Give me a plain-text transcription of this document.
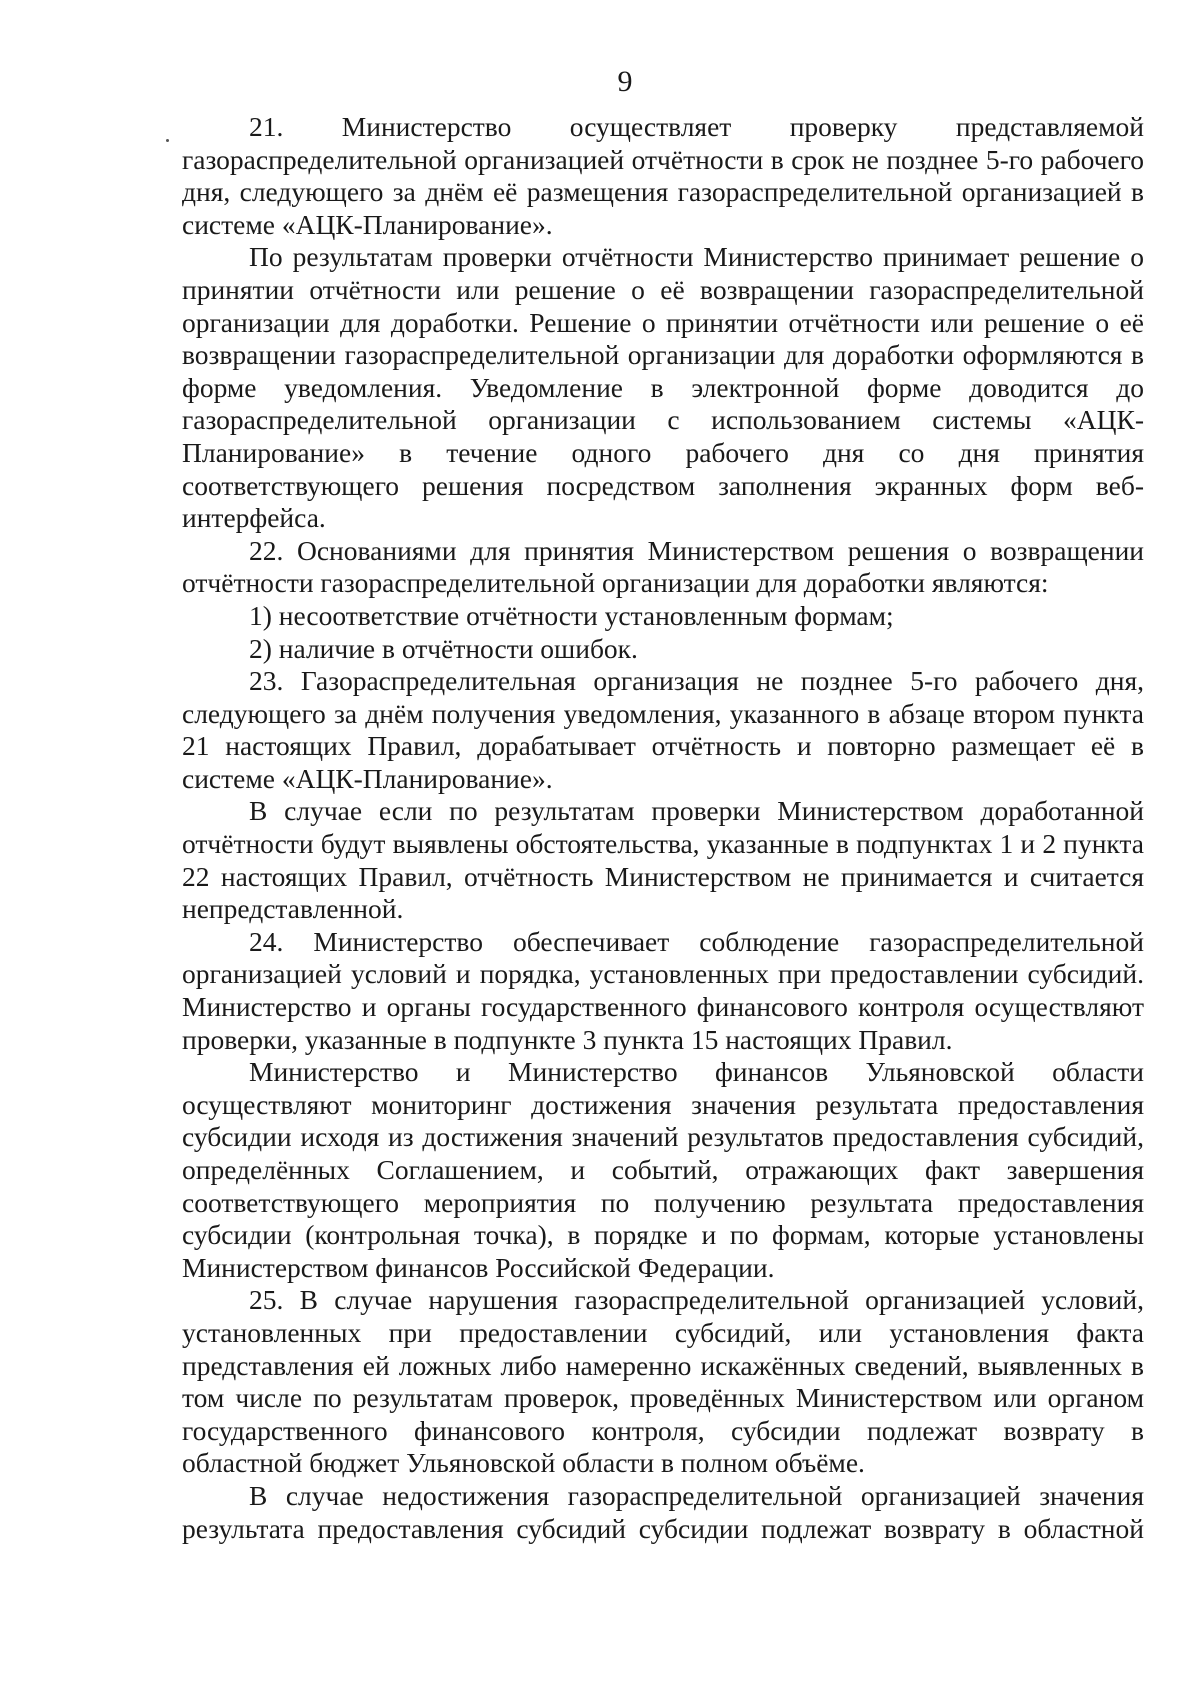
9

21. Министерство осуществляет проверку представляемой газораспределительной организацией отчётности в срок не позднее 5-го рабочего дня, следующего за днём её размещения газораспределительной организацией в системе «АЦК-Планирование».

По результатам проверки отчётности Министерство принимает решение о принятии отчётности или решение о её возвращении газораспределительной организации для доработки. Решение о принятии отчётности или решение о её возвращении газораспределительной организации для доработки оформляются в форме уведомления. Уведомление в электронной форме доводится до газораспределительной организации с использованием системы «АЦК-Планирование» в течение одного рабочего дня со дня принятия соответствующего решения посредством заполнения экранных форм веб-интерфейса.

22. Основаниями для принятия Министерством решения о возвращении отчётности газораспределительной организации для доработки являются:

1) несоответствие отчётности установленным формам;

2) наличие в отчётности ошибок.

23. Газораспределительная организация не позднее 5-го рабочего дня, следующего за днём получения уведомления, указанного в абзаце втором пункта 21 настоящих Правил, дорабатывает отчётность и повторно размещает её в системе «АЦК-Планирование».

В случае если по результатам проверки Министерством доработанной отчётности будут выявлены обстоятельства, указанные в подпунктах 1 и 2 пункта 22 настоящих Правил, отчётность Министерством не принимается и считается непредставленной.

24. Министерство обеспечивает соблюдение газораспределительной организацией условий и порядка, установленных при предоставлении субсидий. Министерство и органы государственного финансового контроля осуществляют проверки, указанные в подпункте 3 пункта 15 настоящих Правил.

Министерство и Министерство финансов Ульяновской области осуществляют мониторинг достижения значения результата предоставления субсидии исходя из достижения значений результатов предоставления субсидий, определённых Соглашением, и событий, отражающих факт завершения соответствующего мероприятия по получению результата предоставления субсидии (контрольная точка), в порядке и по формам, которые установлены Министерством финансов Российской Федерации.

25. В случае нарушения газораспределительной организацией условий, установленных при предоставлении субсидий, или установления факта представления ей ложных либо намеренно искажённых сведений, выявленных в том числе по результатам проверок, проведённых Министерством или органом государственного финансового контроля, субсидии подлежат возврату в областной бюджет Ульяновской области в полном объёме.

В случае недостижения газораспределительной организацией значения результата предоставления субсидий субсидии подлежат возврату в областной
